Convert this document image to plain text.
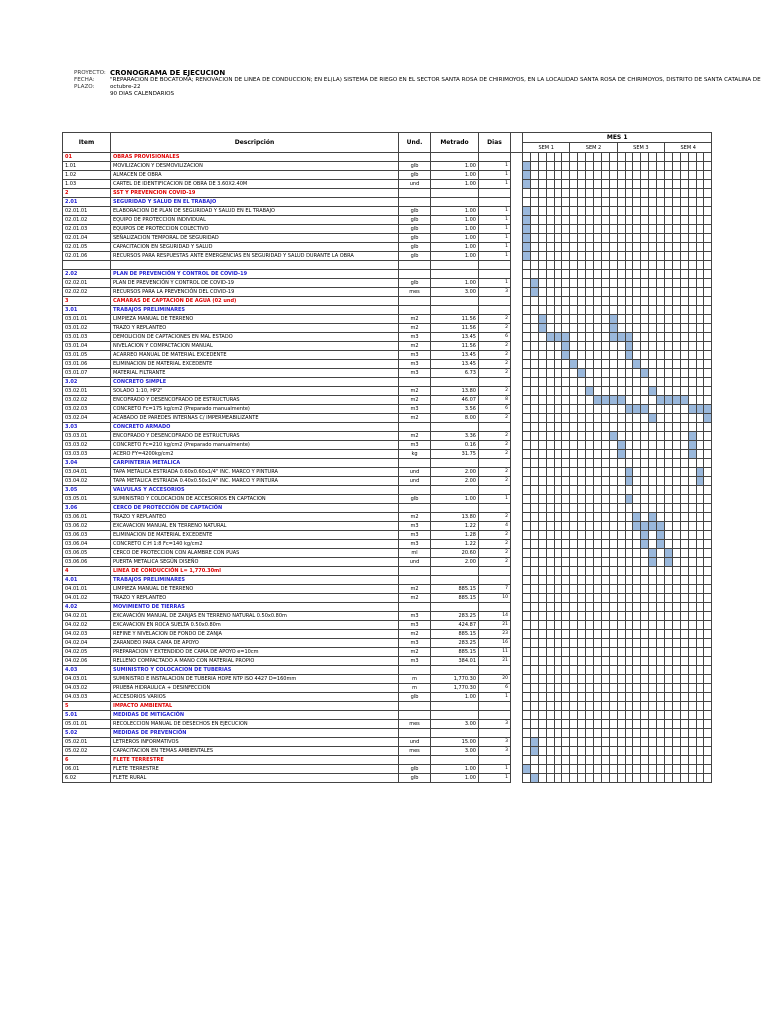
PROYECTO: CRONOGRAMA DE EJECUCION
FECHA:	"REPARACION DE BOCATOMA; RENOVACION DE LÍNEA DE CONDUCCIÓN; EN EL(LA) SISTEMA DE RIEGO EN EL SECTOR SANTA ROSA DE CHIRIMOYOS, EN LA LOCALIDAD SANTA ROSA DE CHIRIMOYOS, DISTRITO DE SANTA CATALINA DE
PLAZO:	octubre-22
90 DIAS CALENDARIOS
Item	Descripción	Und.	Metrado	Dias		MES 1																							
						SEM 1						SEM 2						SEM 3						SEM 4					
01	OBRAS PROVISIONALES																												
1.01	MOVILIZACION Y DESMOVILIZACION	glb	1.00	1																									
1.02	ALMACEN DE OBRA	glb	1.00	1																									
1.03	CARTEL DE IDENTIFICACION DE OBRA DE 3.60X2.40M	und	1.00	1																									
2	SST Y PREVENCION COVID-19																												
2.01	SEGURIDAD Y SALUD EN EL TRABAJO																												
02.01.01	ELABORACION DE PLAN DE SEGURIDAD Y SALUD EN EL TRABAJO	glb	1.00	1																									
02.01.02	EQUIPO DE PROTECCION INDIVIDUAL	glb	1.00	1																									
02.01.03	EQUIPOS DE PROTECCION COLECTIVO	glb	1.00	1																									
02.01.04	SEÑALIZACION TEMPORAL DE SEGURIDAD	glb	1.00	1																									
02.01.05	CAPACITACION EN SEGURIDAD Y SALUD	glb	1.00	1																									
02.01.06	RECURSOS PARA RESPUESTAS ANTE EMERGENCIAS EN SEGURIDAD Y SALUD DURANTE LA OBRA	glb	1.00	1																									

2.02	PLAN DE PREVENCIÓN Y CONTROL DE COVID-19																												
02.02.01	PLAN DE PREVENCIÓN Y CONTROL DE COVID-19	glb	1.00	1																									
02.02.02	RECURSOS PARA LA PREVENCIÓN DEL COVID-19	mes	3.00	3																									
3	CAMARAS DE CAPTACION DE AGUA (02 und)																												
3.01	TRABAJOS PRELIMINARES																												
03.01.01	LIMPIEZA MANUAL DE TERRENO	m2	11.56	2																									
03.01.02	TRAZO Y REPLANTEO	m2	11.56	2																									
03.01.03	DEMOLICION DE CAPTACIONES EN MAL ESTADO	m3	13.45	6																									
03.01.04	NIVELACION Y COMPACTACION MANUAL	m2	11.56	2																									
03.01.05	ACARREO MANUAL DE MATERIAL EXCEDENTE	m3	13.45	2																									
03.01.06	ELIMINACION DE MATERIAL EXCEDENTE	m3	13.45	2																									
03.01.07	MATERIAL FILTRANTE	m3	6.73	2																									
3.02	CONCRETO SIMPLE																												
03.02.01	SOLADO 1:10, HP2"	m2	13.80	2																									
03.02.02	ENCOFRADO Y DESENCOFRADO DE ESTRUCTURAS	m2	46.07	8																									
03.02.03	CONCRETO Fc=175 kg/cm2 (Preparado manualmente)	m3	3.56	6																									
03.02.04	ACABADO DE PAREDES INTERNAS C/ IMPERMEABILIZANTE	m2	8.00	2																									
3.03	CONCRETO ARMADO																												
03.03.01	ENCOFRADO Y DESENCOFRADO DE ESTRUCTURAS	m2	3.36	2																									
03.03.02	CONCRETO Fc=210 kg/cm2 (Preparado manualmente)	m3	0.16	2																									
03.03.03	ACERO FY=4200kg/cm2	kg	31.75	2																									
3.04	CARPINTERIA METALICA																												
03.04.01	TAPA METALICA ESTRIADA 0.60x0.60x1/4" INC. MARCO Y PINTURA	und	2.00	2																									
03.04.02	TAPA METALICA ESTRIADA 0.40x0.50x1/4" INC. MARCO Y PINTURA	und	2.00	2																									
3.05	VALVULAS Y ACCESORIOS																												
03.05.01	SUMINISTRO Y COLOCACION DE ACCESORIOS EN CAPTACION	glb	1.00	1																									
3.06	CERCO DE PROTECCIÓN DE CAPTACIÓN																												
03.06.01	TRAZO Y REPLANTEO	m2	13.80	2																									
03.06.02	EXCAVACION MANUAL EN TERRENO NATURAL	m3	1.22	4																									
03.06.03	ELIMINACION DE MATERIAL EXCEDENTE	m3	1.28	2																									
03.06.04	CONCRETO C:H 1:8 Fc=140 kg/cm2	m3	1.22	2																									
03.06.05	CERCO DE PROTECCION CON ALAMBRE CON PUAS	ml	20.60	2																									
03.06.06	PUERTA METALICA SEGÚN DISEÑO	und	2.00	2																									
4	LINEA DE CONDUCCIÓN L= 1,770.30ml																												
4.01	TRABAJOS PRELIMINARES																												
04.01.01	LIMPIEZA MANUAL DE TERRENO	m2	885.15	7																									
04.01.02	TRAZO Y REPLANTEO	m2	885.15	10																									
4.02	MOVIMIENTO DE TIERRAS																												
04.02.01	EXCAVACIÓN MANUAL DE ZANJAS EN TERRENO NATURAL 0.50x0.80m	m3	283.25	14																									
04.02.02	EXCAVACION EN ROCA SUELTA 0.50x0.80m	m3	424.87	21																									
04.02.03	REFINE Y NIVELACION DE FONDO DE ZANJA	m2	885.15	23																									
04.02.04	ZARANDEO PARA CAMA DE APOYO	m3	283.25	16																									
04.02.05	PREPARACION Y EXTENDIDO DE CAMA DE APOYO e=10cm	m2	885.15	11																									
04.02.06	RELLENO COMPACTADO A MANO CON MATERIAL PROPIO	m3	384.01	21																									
4.03	SUMINISTRO Y COLOCACION DE TUBERIAS																												
04.03.01	SUMINISTRO E INSTALACION DE TUBERIA HDPE NTP ISO 4427 D=160mm	m	1,770.30	20																									
04.03.02	PRUEBA HIDRAULICA + DESINFECCION	m	1,770.30	6																									
04.03.03	ACCESORIOS VARIOS	glb	1.00	1																									
5	IMPACTO AMBIENTAL																												
5.01	MEDIDAS DE MITIGACIÓN																												
05.01.01	RECOLECCION MANUAL DE DESECHOS EN EJECUCION	mes	3.00	3																									
5.02	MEDIDAS DE PREVENCIÓN																												
05.02.01	LETREROS INFORMATIVOS	und	15.00	3																									
05.02.02	CAPACITACION EN TEMAS AMBIENTALES	mes	3.00	3																									
6	FLETE TERRESTRE																												
06.01	FLETE TERRESTRE	glb	1.00	1																									
6.02	FLETE RURAL	glb	1.00	1																									
